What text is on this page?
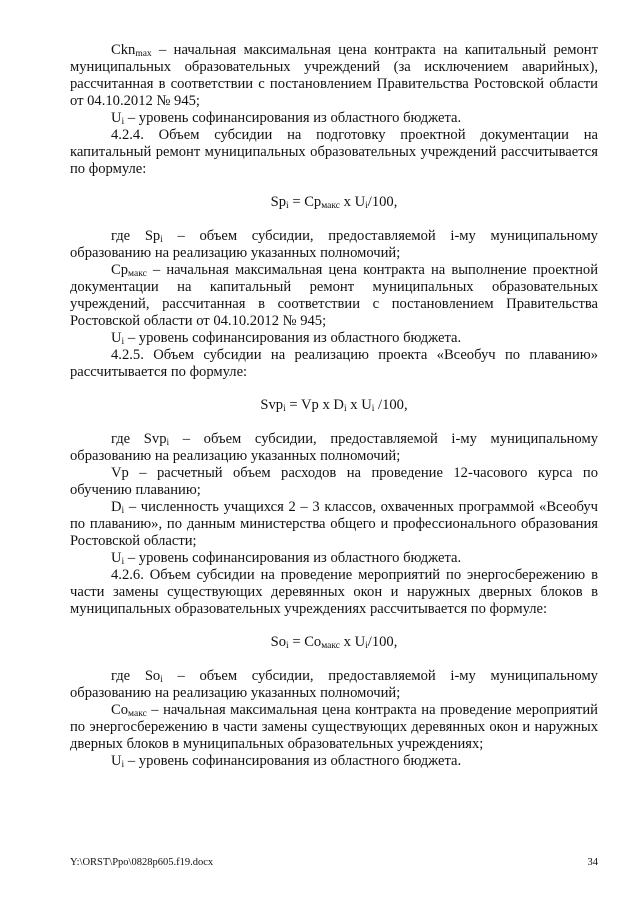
Ckn$_{max}$ – начальная максимальная цена контракта на капитальный ремонт муниципальных образовательных учреждений (за исключением аварийных), рассчитанная в соответствии с постановлением Правительства Ростовской области от 04.10.2012 № 945;

$U_i$ – уровень софинансирования из областного бюджета.

4.2.4. Объем субсидии на подготовку проектной документации на капитальный ремонт муниципальных образовательных учреждений рассчитывается по формуле:

$Sp_i = Cp_{макс}$ x $U_i/100$,

где $Sp_i$ – объем субсидии, предоставляемой i-му муниципальному образованию на реализацию указанных полномочий;

$Cp_{макс}$ – начальная максимальная цена контракта на выполнение проектной документации на капитальный ремонт муниципальных образовательных учреждений, рассчитанная в соответствии с постановлением Правительства Ростовской области от 04.10.2012 № 945;

$U_i$ – уровень софинансирования из областного бюджета.

4.2.5. Объем субсидии на реализацию проекта «Всеобуч по плаванию» рассчитывается по формуле:

Svp$_i$ = Vp x $D_i$ x $U_i$ /100,

где Svp$_i$ – объем субсидии, предоставляемой i-му муниципальному образованию на реализацию указанных полномочий;

Vp – расчетный объем расходов на проведение 12-часового курса по обучению плаванию;

$D_i$ – численность учащихся 2 – 3 классов, охваченных программой «Всеобуч по плаванию», по данным министерства общего и профессионального образования Ростовской области;

$U_i$ – уровень софинансирования из областного бюджета.

4.2.6. Объем субсидии на проведение мероприятий по энергосбережению в части замены существующих деревянных окон и наружных дверных блоков в муниципальных образовательных учреждениях рассчитывается по формуле:

$So_i = Co_{макс}$ x $U_i/100$,

где $So_i$ – объем субсидии, предоставляемой i-му муниципальному образованию на реализацию указанных полномочий;

$Co_{макс}$ – начальная максимальная цена контракта на проведение мероприятий по энергосбережению в части замены существующих деревянных окон и наружных дверных блоков в муниципальных образовательных учреждениях;

$U_i$ – уровень софинансирования из областного бюджета.

Y:\ORST\Ppo\0828p605.f19.docx	34
